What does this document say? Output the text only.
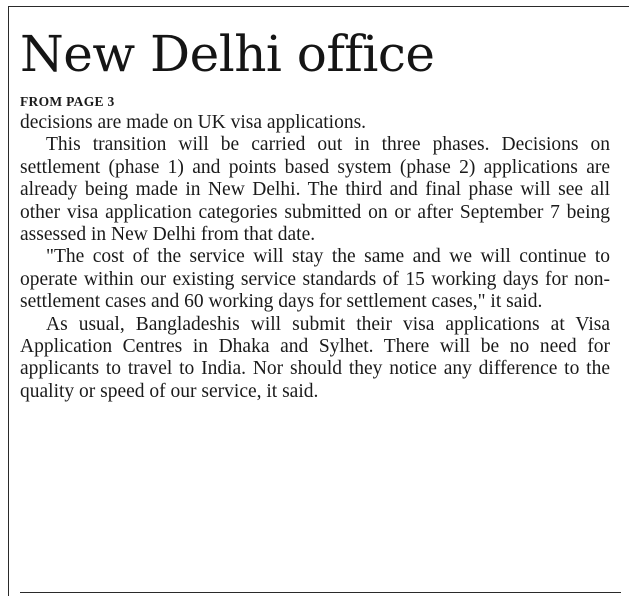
New Delhi office
FROM PAGE 3

decisions are made on UK visa applications.

This transition will be carried out in three phases. Decisions on settlement (phase 1) and points based system (phase 2) applications are already being made in New Delhi. The third and final phase will see all other visa application categories submitted on or after September 7 being assessed in New Delhi from that date.

"The cost of the service will stay the same and we will continue to operate within our existing service standards of 15 working days for non-settlement cases and 60 working days for settlement cases," it said.

As usual, Bangladeshis will submit their visa applications at Visa Application Centres in Dhaka and Sylhet. There will be no need for applicants to travel to India. Nor should they notice any difference to the quality or speed of our service, it said.
